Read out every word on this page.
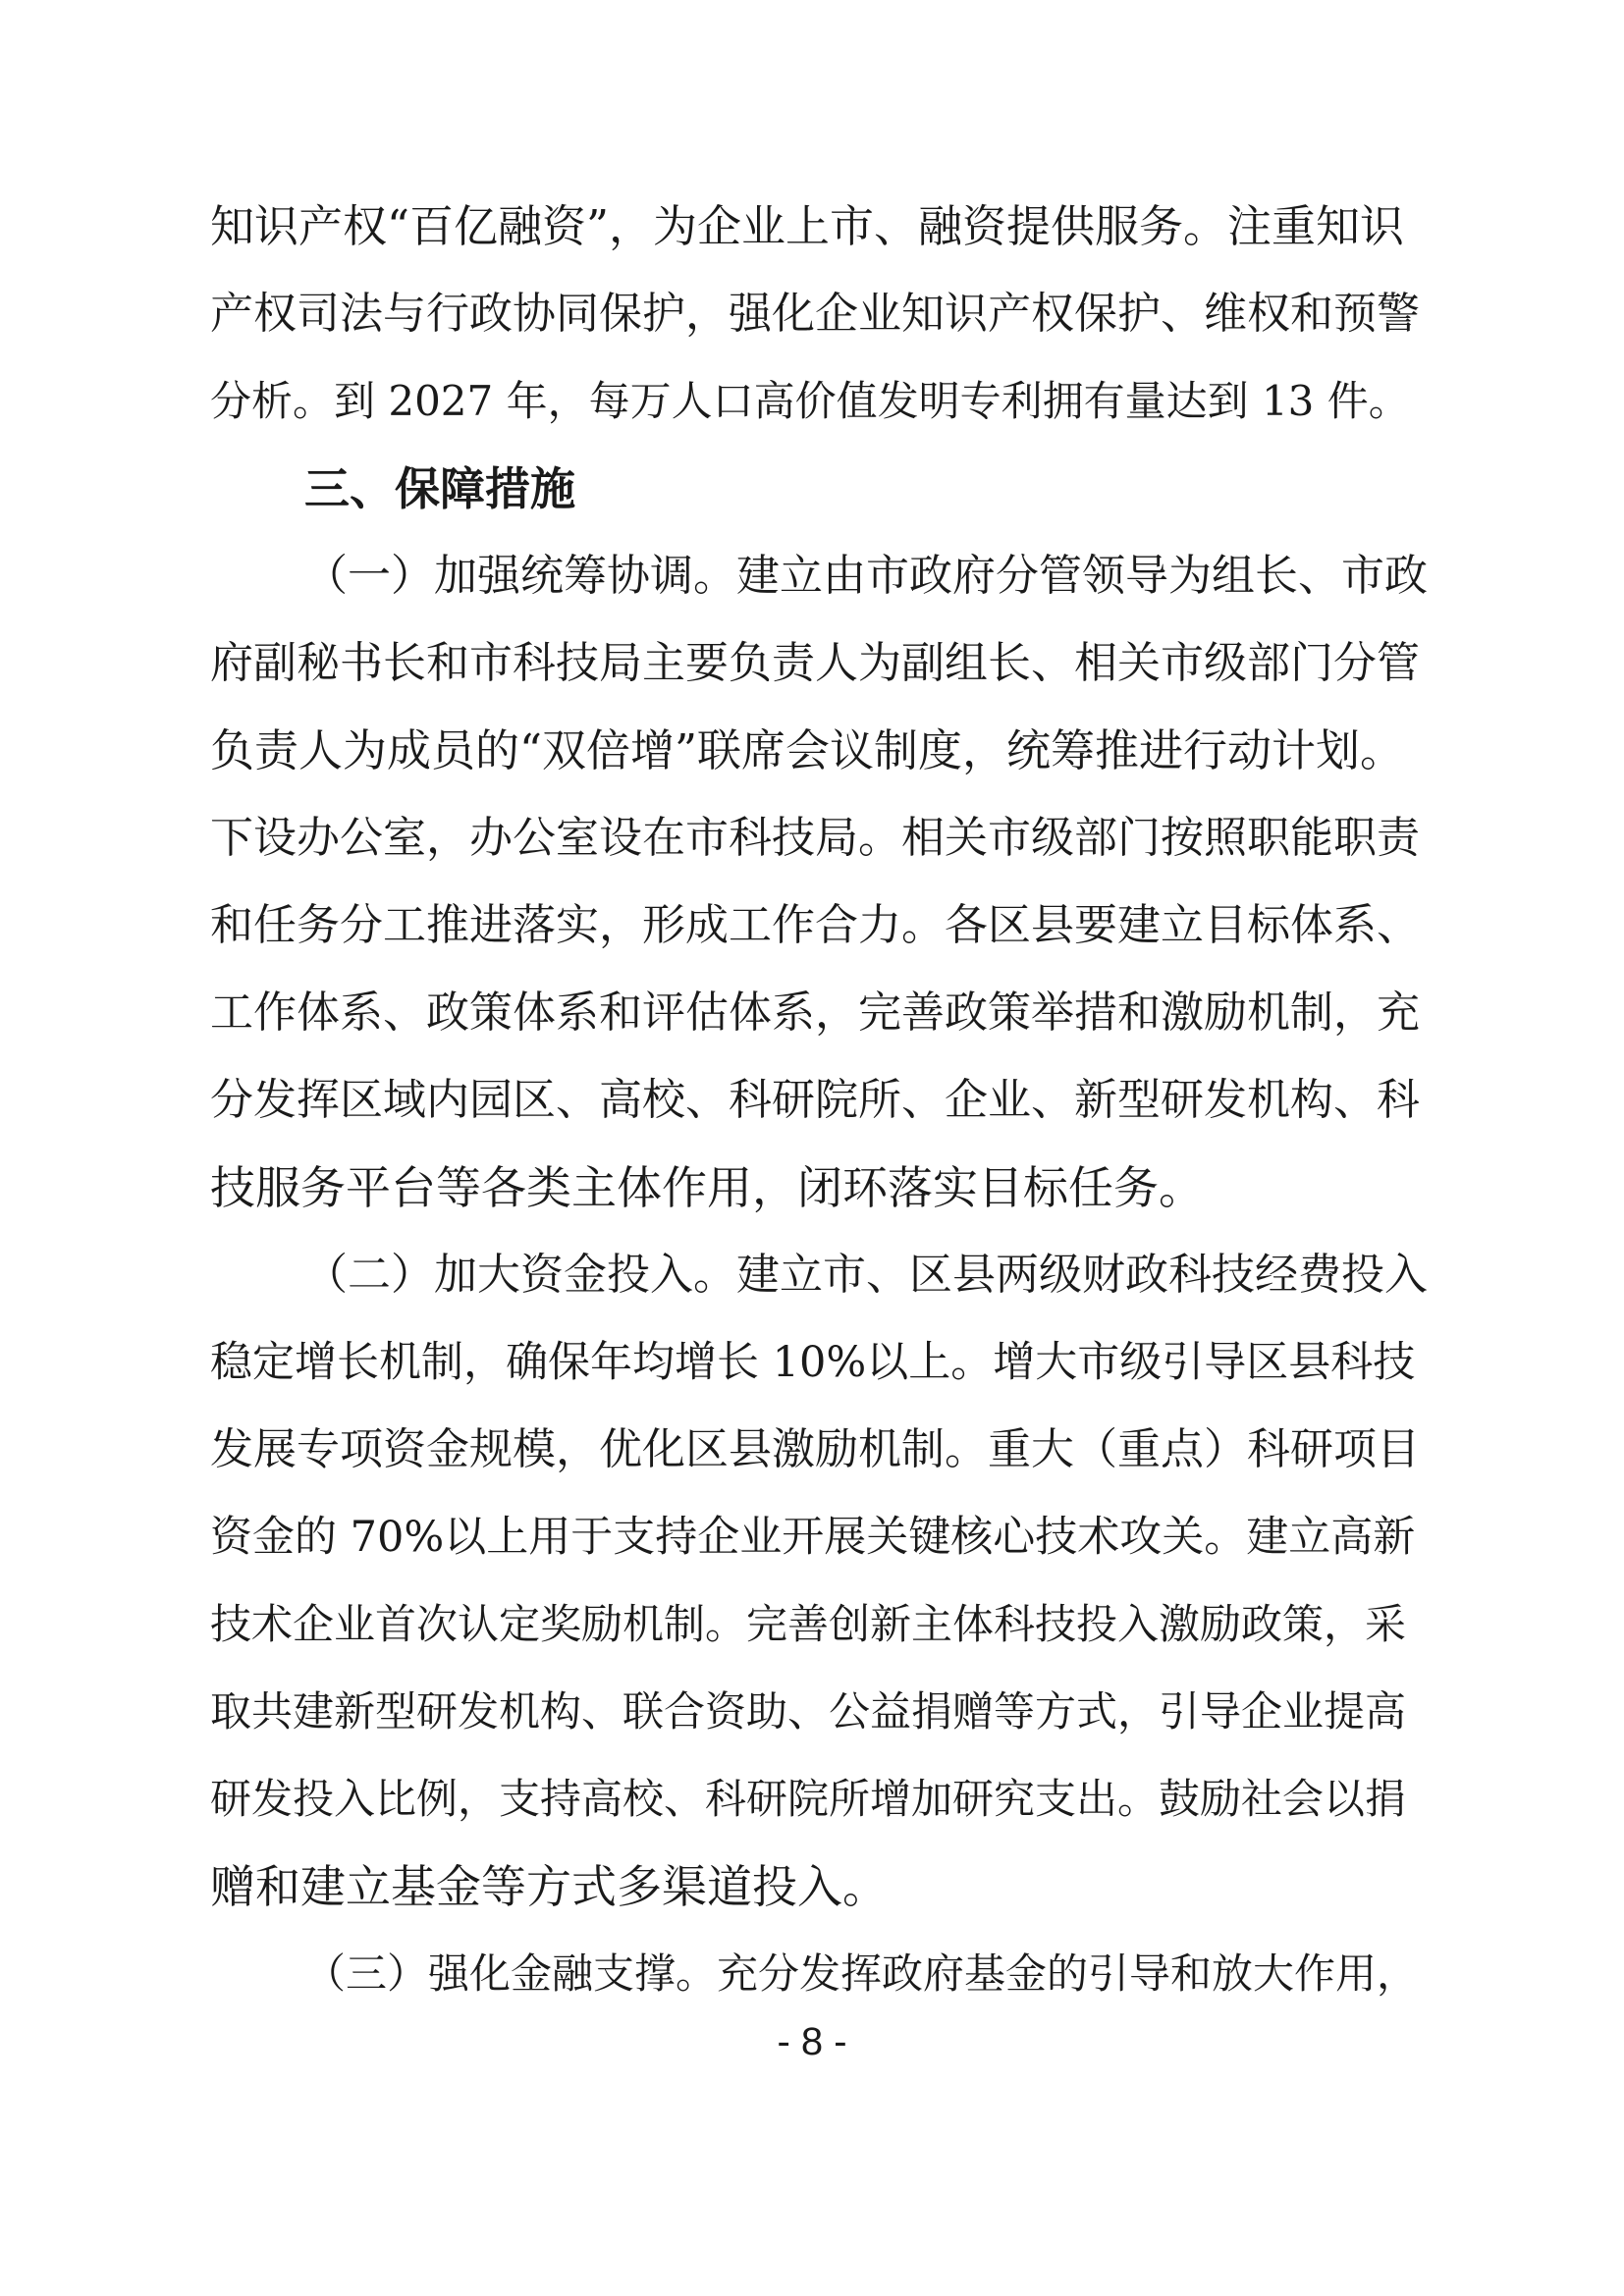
知识产权“百亿融资”，为企业上市、融资提供服务。注重知识
产权司法与行政协同保护，强化企业知识产权保护、维权和预警
分析。到 2027 年，每万人口高价值发明专利拥有量达到 13 件。
三、保障措施
（一）加强统筹协调。建立由市政府分管领导为组长、市政
府副秘书长和市科技局主要负责人为副组长、相关市级部门分管
负责人为成员的“双倍增”联席会议制度，统筹推进行动计划。
下设办公室，办公室设在市科技局。相关市级部门按照职能职责
和任务分工推进落实，形成工作合力。各区县要建立目标体系、
工作体系、政策体系和评估体系，完善政策举措和激励机制，充
分发挥区域内园区、高校、科研院所、企业、新型研发机构、科
技服务平台等各类主体作用，闭环落实目标任务。
（二）加大资金投入。建立市、区县两级财政科技经费投入
稳定增长机制，确保年均增长 10%以上。增大市级引导区县科技
发展专项资金规模，优化区县激励机制。重大（重点）科研项目
资金的 70%以上用于支持企业开展关键核心技术攻关。建立高新
技术企业首次认定奖励机制。完善创新主体科技投入激励政策，采
取共建新型研发机构、联合资助、公益捐赠等方式，引导企业提高
研发投入比例，支持高校、科研院所增加研究支出。鼓励社会以捐
赠和建立基金等方式多渠道投入。
（三）强化金融支撑。充分发挥政府基金的引导和放大作用，
- 8 -
